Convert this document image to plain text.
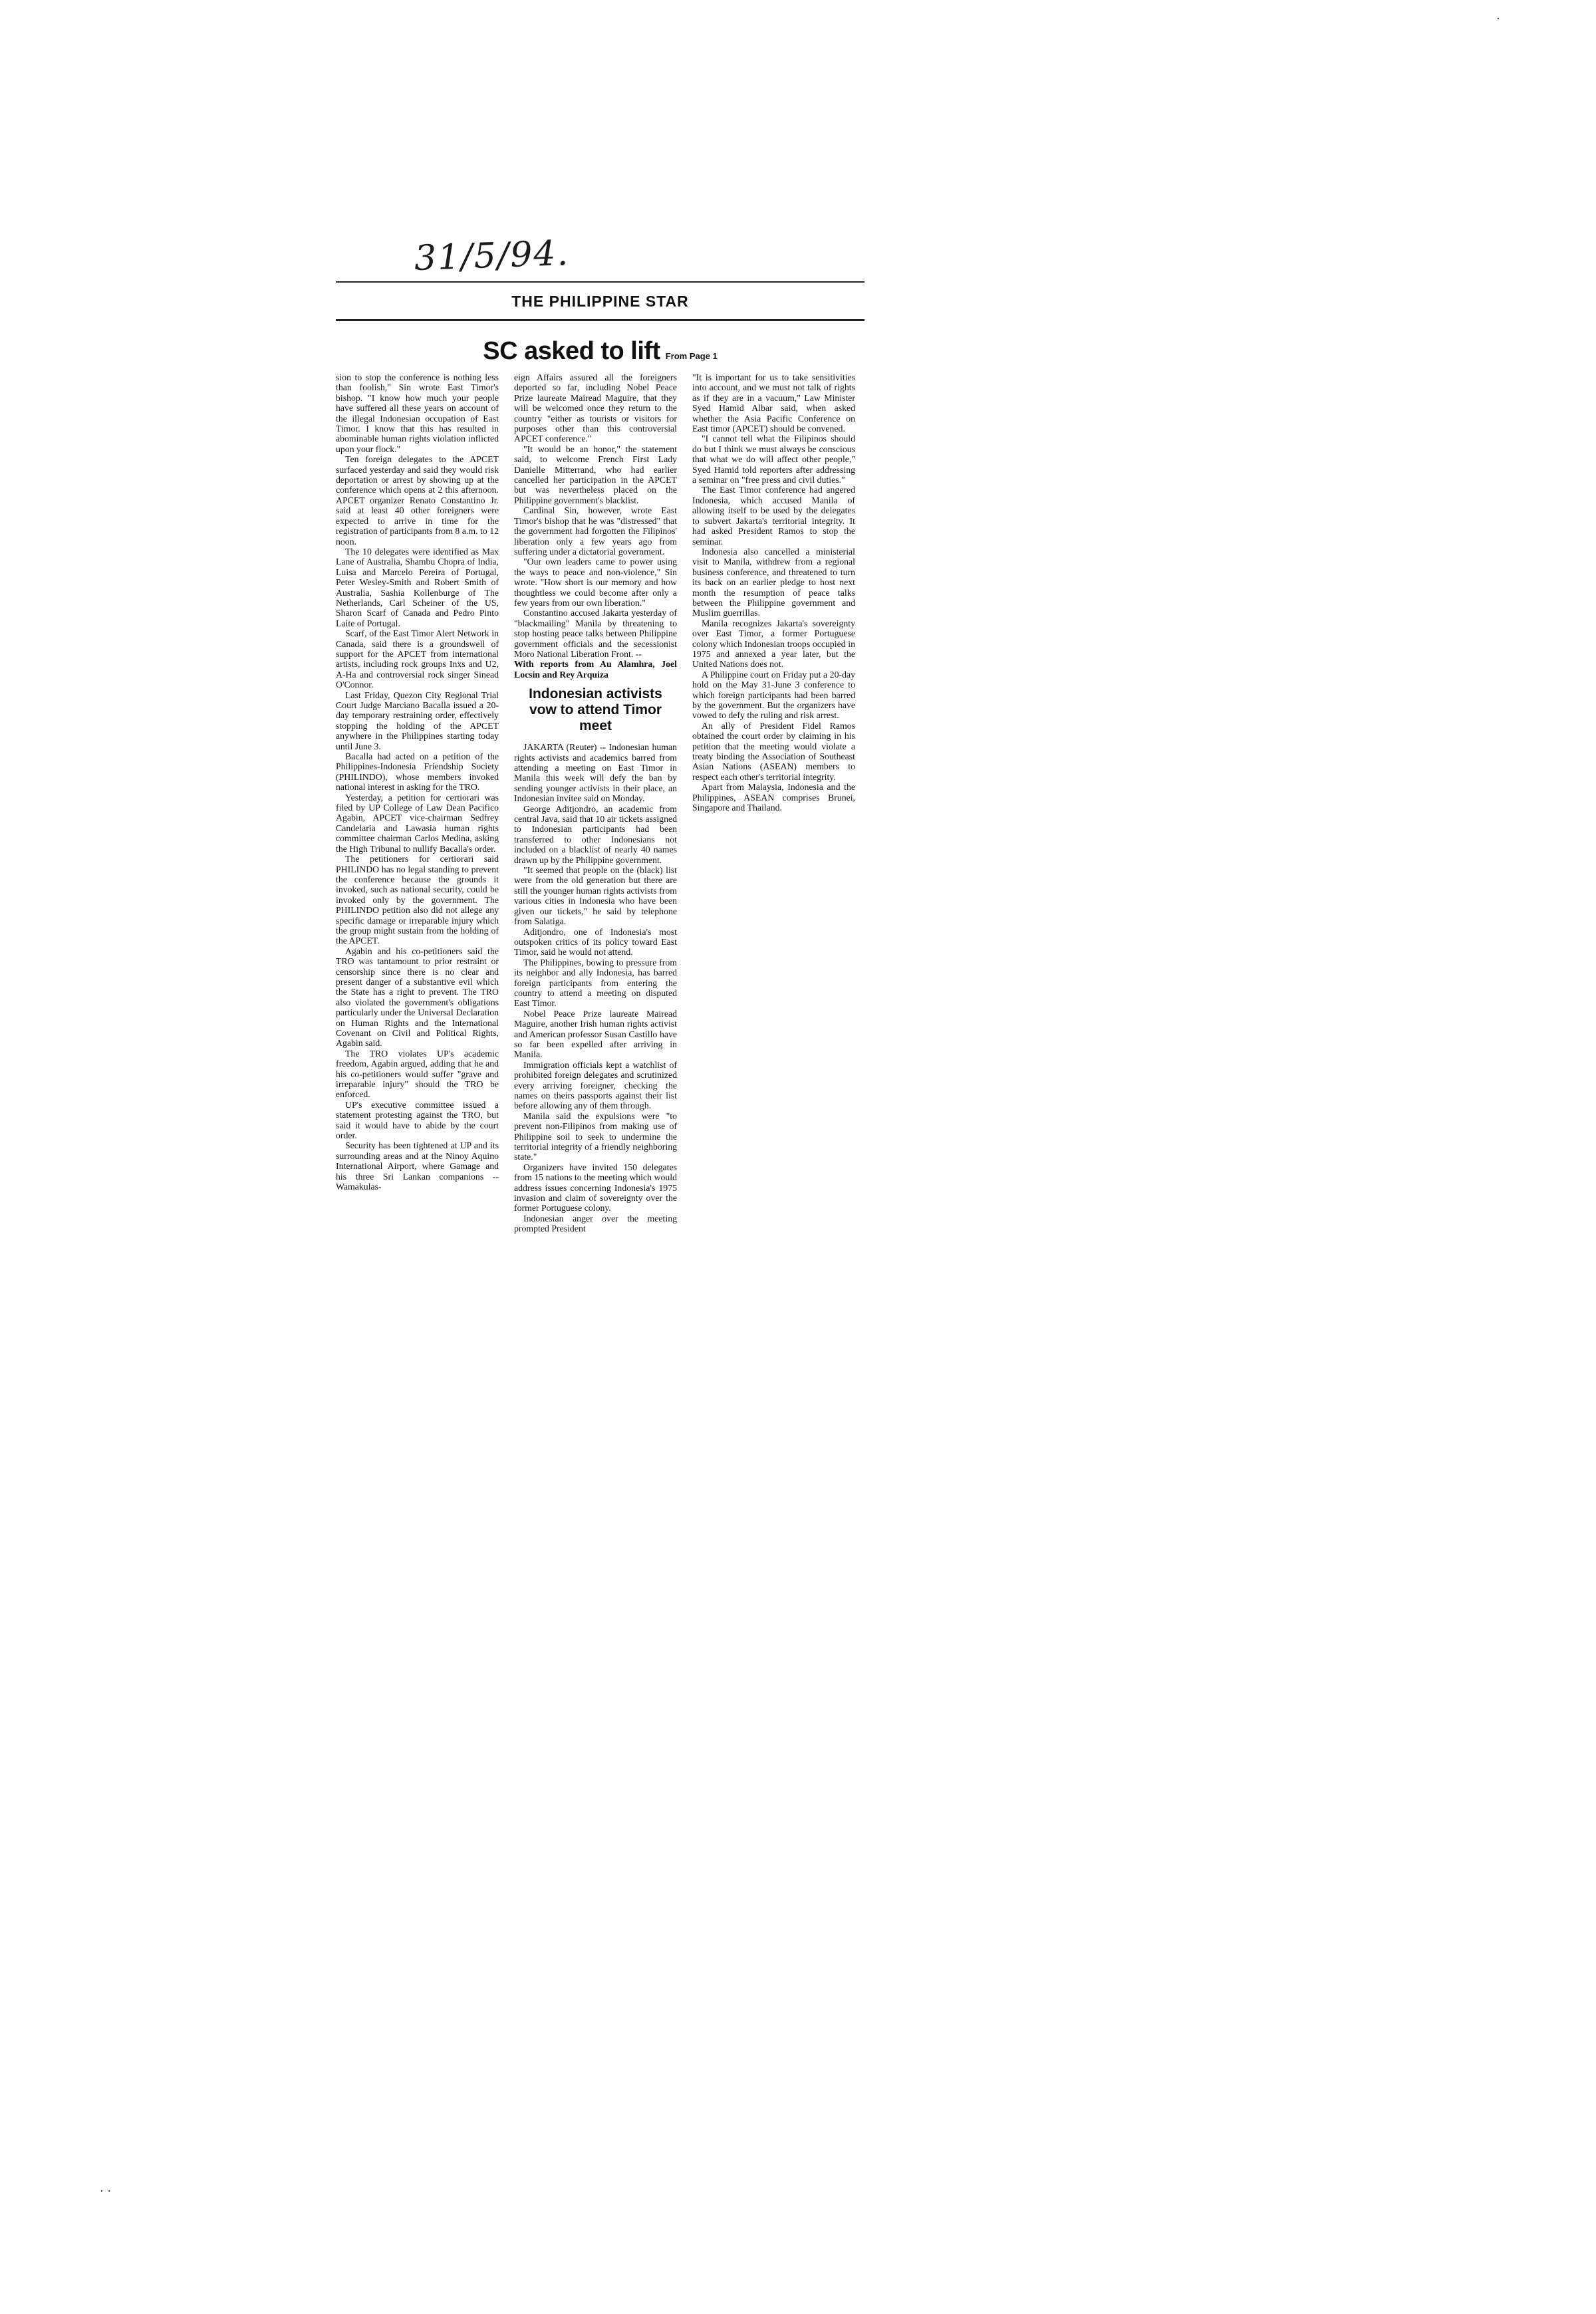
31/5/94.
THE PHILIPPINE STAR
SC asked to lift From Page 1

sion to stop the conference is nothing less than foolish," Sin wrote East Timor's bishop. "I know how much your people have suffered all these years on account of the illegal Indonesian occupation of East Timor. I know that this has resulted in abominable human rights violation inflicted upon your flock."

Ten foreign delegates to the APCET surfaced yesterday and said they would risk deportation or arrest by showing up at the conference which opens at 2 this afternoon. APCET organizer Renato Constantino Jr. said at least 40 other foreigners were expected to arrive in time for the registration of participants from 8 a.m. to 12 noon.

The 10 delegates were identified as Max Lane of Australia, Shambu Chopra of India, Luisa and Marcelo Pereira of Portugal, Peter Wesley-Smith and Robert Smith of Australia, Sashia Kollenburge of The Netherlands, Carl Scheiner of the US, Sharon Scarf of Canada and Pedro Pinto Laite of Portugal.

Scarf, of the East Timor Alert Network in Canada, said there is a groundswell of support for the APCET from international artists, including rock groups Inxs and U2, A-Ha and controversial rock singer Sinead O'Connor.

Last Friday, Quezon City Regional Trial Court Judge Marciano Bacalla issued a 20-day temporary restraining order, effectively stopping the holding of the APCET anywhere in the Philippines starting today until June 3.

Bacalla had acted on a petition of the Philippines-Indonesia Friendship Society (PHILINDO), whose members invoked national interest in asking for the TRO.

Yesterday, a petition for certiorari was filed by UP College of Law Dean Pacifico Agabin, APCET vice-chairman Sedfrey Candelaria and Lawasia human rights committee chairman Carlos Medina, asking the High Tribunal to nullify Bacalla's order.

The petitioners for certiorari said PHILINDO has no legal standing to prevent the conference because the grounds it invoked, such as national security, could be invoked only by the government. The PHILINDO petition also did not allege any specific damage or irreparable injury which the group might sustain from the holding of the APCET.

Agabin and his co-petitioners said the TRO was tantamount to prior restraint or censorship since there is no clear and present danger of a substantive evil which the State has a right to prevent. The TRO also violated the government's obligations particularly under the Universal Declaration on Human Rights and the International Covenant on Civil and Political Rights, Agabin said.

The TRO violates UP's academic freedom, Agabin argued, adding that he and his co-petitioners would suffer "grave and irreparable injury" should the TRO be enforced.

UP's executive committee issued a statement protesting against the TRO, but said it would have to abide by the court order.

Security has been tightened at UP and its surrounding areas and at the Ninoy Aquino International Airport, where Gamage and his three Sri Lankan companions -- Wamakulas-

eign Affairs assured all the foreigners deported so far, including Nobel Peace Prize laureate Mairead Maguire, that they will be welcomed once they return to the country "either as tourists or visitors for purposes other than this controversial APCET conference."

"It would be an honor," the statement said, to welcome French First Lady Danielle Mitterrand, who had earlier cancelled her participation in the APCET but was nevertheless placed on the Philippine government's blacklist.

Cardinal Sin, however, wrote East Timor's bishop that he was "distressed" that the government had forgotten the Filipinos' liberation only a few years ago from suffering under a dictatorial government.

"Our own leaders came to power using the ways to peace and non-violence," Sin wrote. "How short is our memory and how thoughtless we could become after only a few years from our own liberation."

Constantino accused Jakarta yesterday of "blackmailing" Manila by threatening to stop hosting peace talks between Philippine government officials and the secessionist Moro National Liberation Front. --

With reports from Au Alamhra, Joel Locsin and Rey Arquiza

Indonesian activists vow to attend Timor meet

JAKARTA (Reuter) -- Indonesian human rights activists and academics barred from attending a meeting on East Timor in Manila this week will defy the ban by sending younger activists in their place, an Indonesian invitee said on Monday.

George Aditjondro, an academic from central Java, said that 10 air tickets assigned to Indonesian participants had been transferred to other Indonesians not included on a blacklist of nearly 40 names drawn up by the Philippine government.

"It seemed that people on the (black) list were from the old generation but there are still the younger human rights activists from various cities in Indonesia who have been given our tickets," he said by telephone from Salatiga.

Aditjondro, one of Indonesia's most outspoken critics of its policy toward East Timor, said he would not attend.

The Philippines, bowing to pressure from its neighbor and ally Indonesia, has barred foreign participants from entering the country to attend a meeting on disputed East Timor.

Nobel Peace Prize laureate Mairead Maguire, another Irish human rights activist and American professor Susan Castillo have so far been expelled after arriving in Manila.

Immigration officials kept a watchlist of prohibited foreign delegates and scrutinized every arriving foreigner, checking the names on theirs passports against their list before allowing any of them through.

Manila said the expulsions were "to prevent non-Filipinos from making use of Philippine soil to seek to undermine the territorial integrity of a friendly neighboring state."

Organizers have invited 150 delegates from 15 nations to the meeting which would address issues concerning Indonesia's 1975 invasion and claim of sovereignty over the former Portuguese colony.

Indonesian anger over the meeting prompted President

"It is important for us to take sensitivities into account, and we must not talk of rights as if they are in a vacuum," Law Minister Syed Hamid Albar said, when asked whether the Asia Pacific Conference on East timor (APCET) should be convened.

"I cannot tell what the Filipinos should do but I think we must always be conscious that what we do will affect other people," Syed Hamid told reporters after addressing a seminar on "free press and civil duties."

The East Timor conference had angered Indonesia, which accused Manila of allowing itself to be used by the delegates to subvert Jakarta's territorial integrity. It had asked President Ramos to stop the seminar.

Indonesia also cancelled a ministerial visit to Manila, withdrew from a regional business conference, and threatened to turn its back on an earlier pledge to host next month the resumption of peace talks between the Philippine government and Muslim guerrillas.

Manila recognizes Jakarta's sovereignty over East Timor, a former Portuguese colony which Indonesian troops occupied in 1975 and annexed a year later, but the United Nations does not.

A Philippine court on Friday put a 20-day hold on the May 31-June 3 conference to which foreign participants had been barred by the government. But the organizers have vowed to defy the ruling and risk arrest.

An ally of President Fidel Ramos obtained the court order by claiming in his petition that the meeting would violate a treaty binding the Association of Southeast Asian Nations (ASEAN) members to respect each other's territorial integrity.

Apart from Malaysia, Indonesia and the Philippines, ASEAN comprises Brunei, Singapore and Thailand.

·
· ·
